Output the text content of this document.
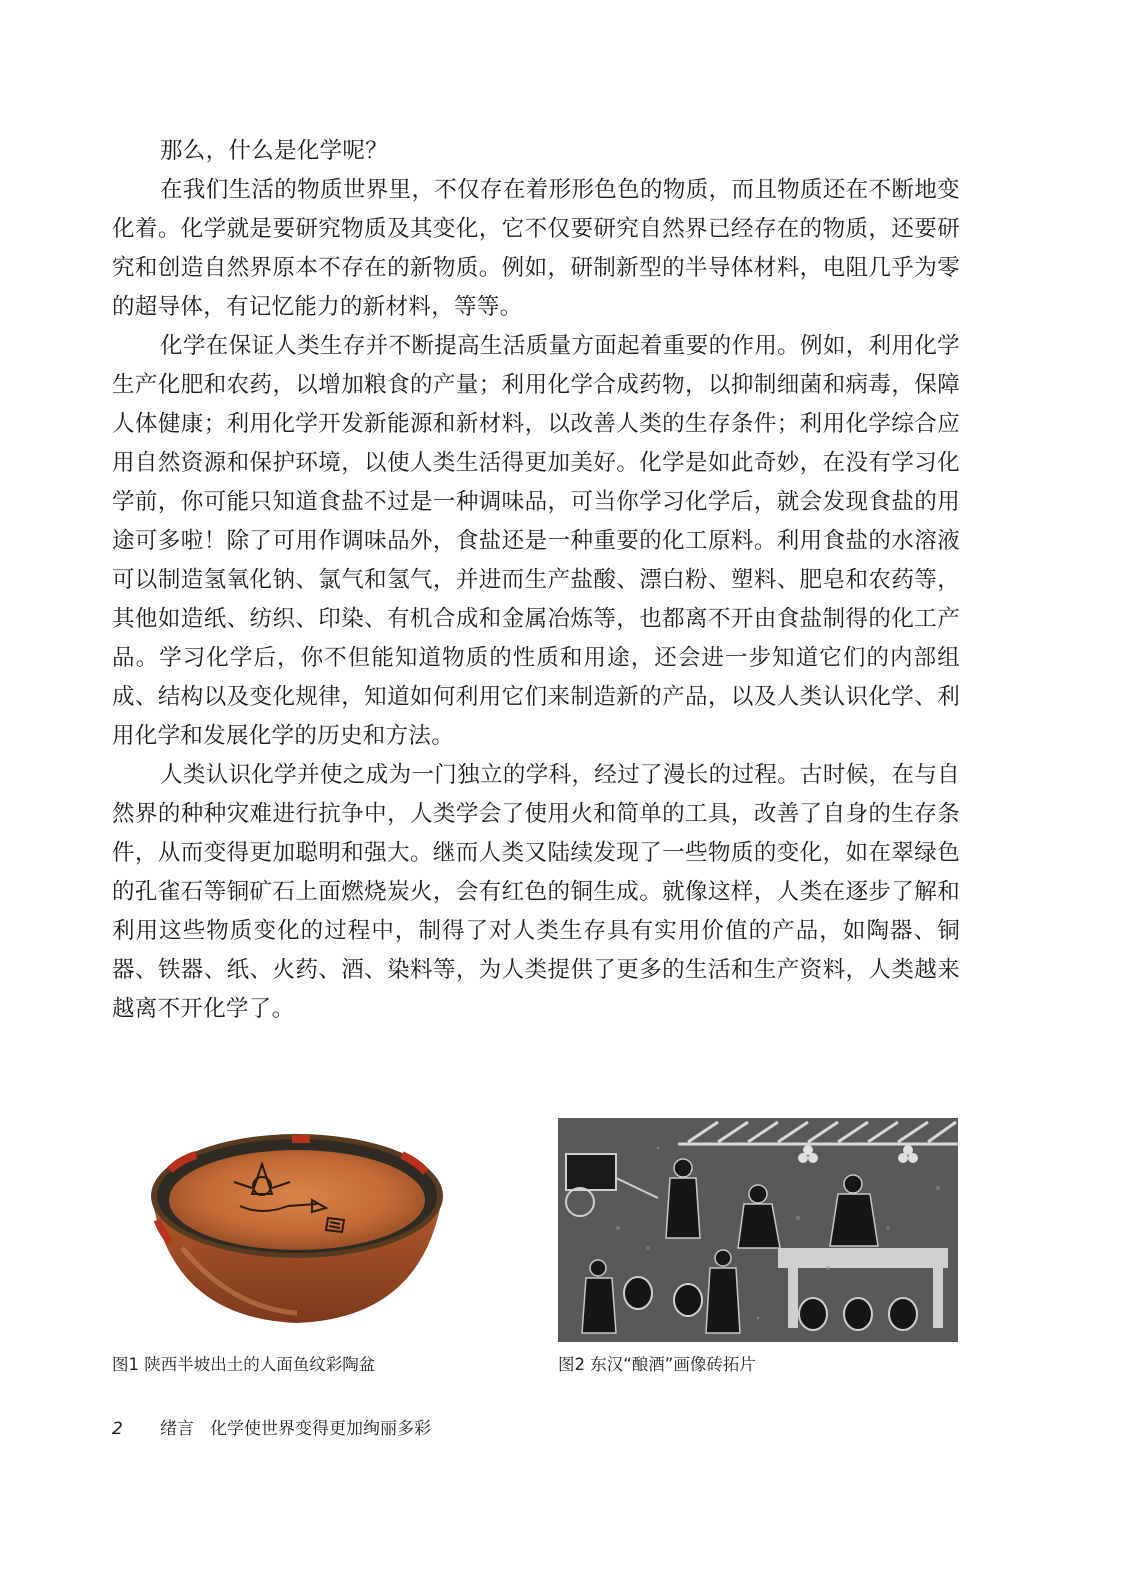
那么，什么是化学呢？

在我们生活的物质世界里，不仅存在着形形色色的物质，而且物质还在不断地变化着。化学就是要研究物质及其变化，它不仅要研究自然界已经存在的物质，还要研究和创造自然界原本不存在的新物质。例如，研制新型的半导体材料，电阻几乎为零的超导体，有记忆能力的新材料，等等。

化学在保证人类生存并不断提高生活质量方面起着重要的作用。例如，利用化学生产化肥和农药，以增加粮食的产量；利用化学合成药物，以抑制细菌和病毒，保障人体健康；利用化学开发新能源和新材料，以改善人类的生存条件；利用化学综合应用自然资源和保护环境，以使人类生活得更加美好。化学是如此奇妙，在没有学习化学前，你可能只知道食盐不过是一种调味品，可当你学习化学后，就会发现食盐的用途可多啦！除了可用作调味品外，食盐还是一种重要的化工原料。利用食盐的水溶液可以制造氢氧化钠、氯气和氢气，并进而生产盐酸、漂白粉、塑料、肥皂和农药等，其他如造纸、纺织、印染、有机合成和金属冶炼等，也都离不开由食盐制得的化工产品。学习化学后，你不但能知道物质的性质和用途，还会进一步知道它们的内部组成、结构以及变化规律，知道如何利用它们来制造新的产品，以及人类认识化学、利用化学和发展化学的历史和方法。

人类认识化学并使之成为一门独立的学科，经过了漫长的过程。古时候，在与自然界的种种灾难进行抗争中，人类学会了使用火和简单的工具，改善了自身的生存条件，从而变得更加聪明和强大。继而人类又陆续发现了一些物质的变化，如在翠绿色的孔雀石等铜矿石上面燃烧炭火，会有红色的铜生成。就像这样，人类在逐步了解和利用这些物质变化的过程中，制得了对人类生存具有实用价值的产品，如陶器、铜器、铁器、纸、火药、酒、染料等，为人类提供了更多的生活和生产资料，人类越来越离不开化学了。

图1 陕西半坡出土的人面鱼纹彩陶盆	图2 东汉“酿酒”画像砖拓片
2 绪言 化学使世界变得更加绚丽多彩
